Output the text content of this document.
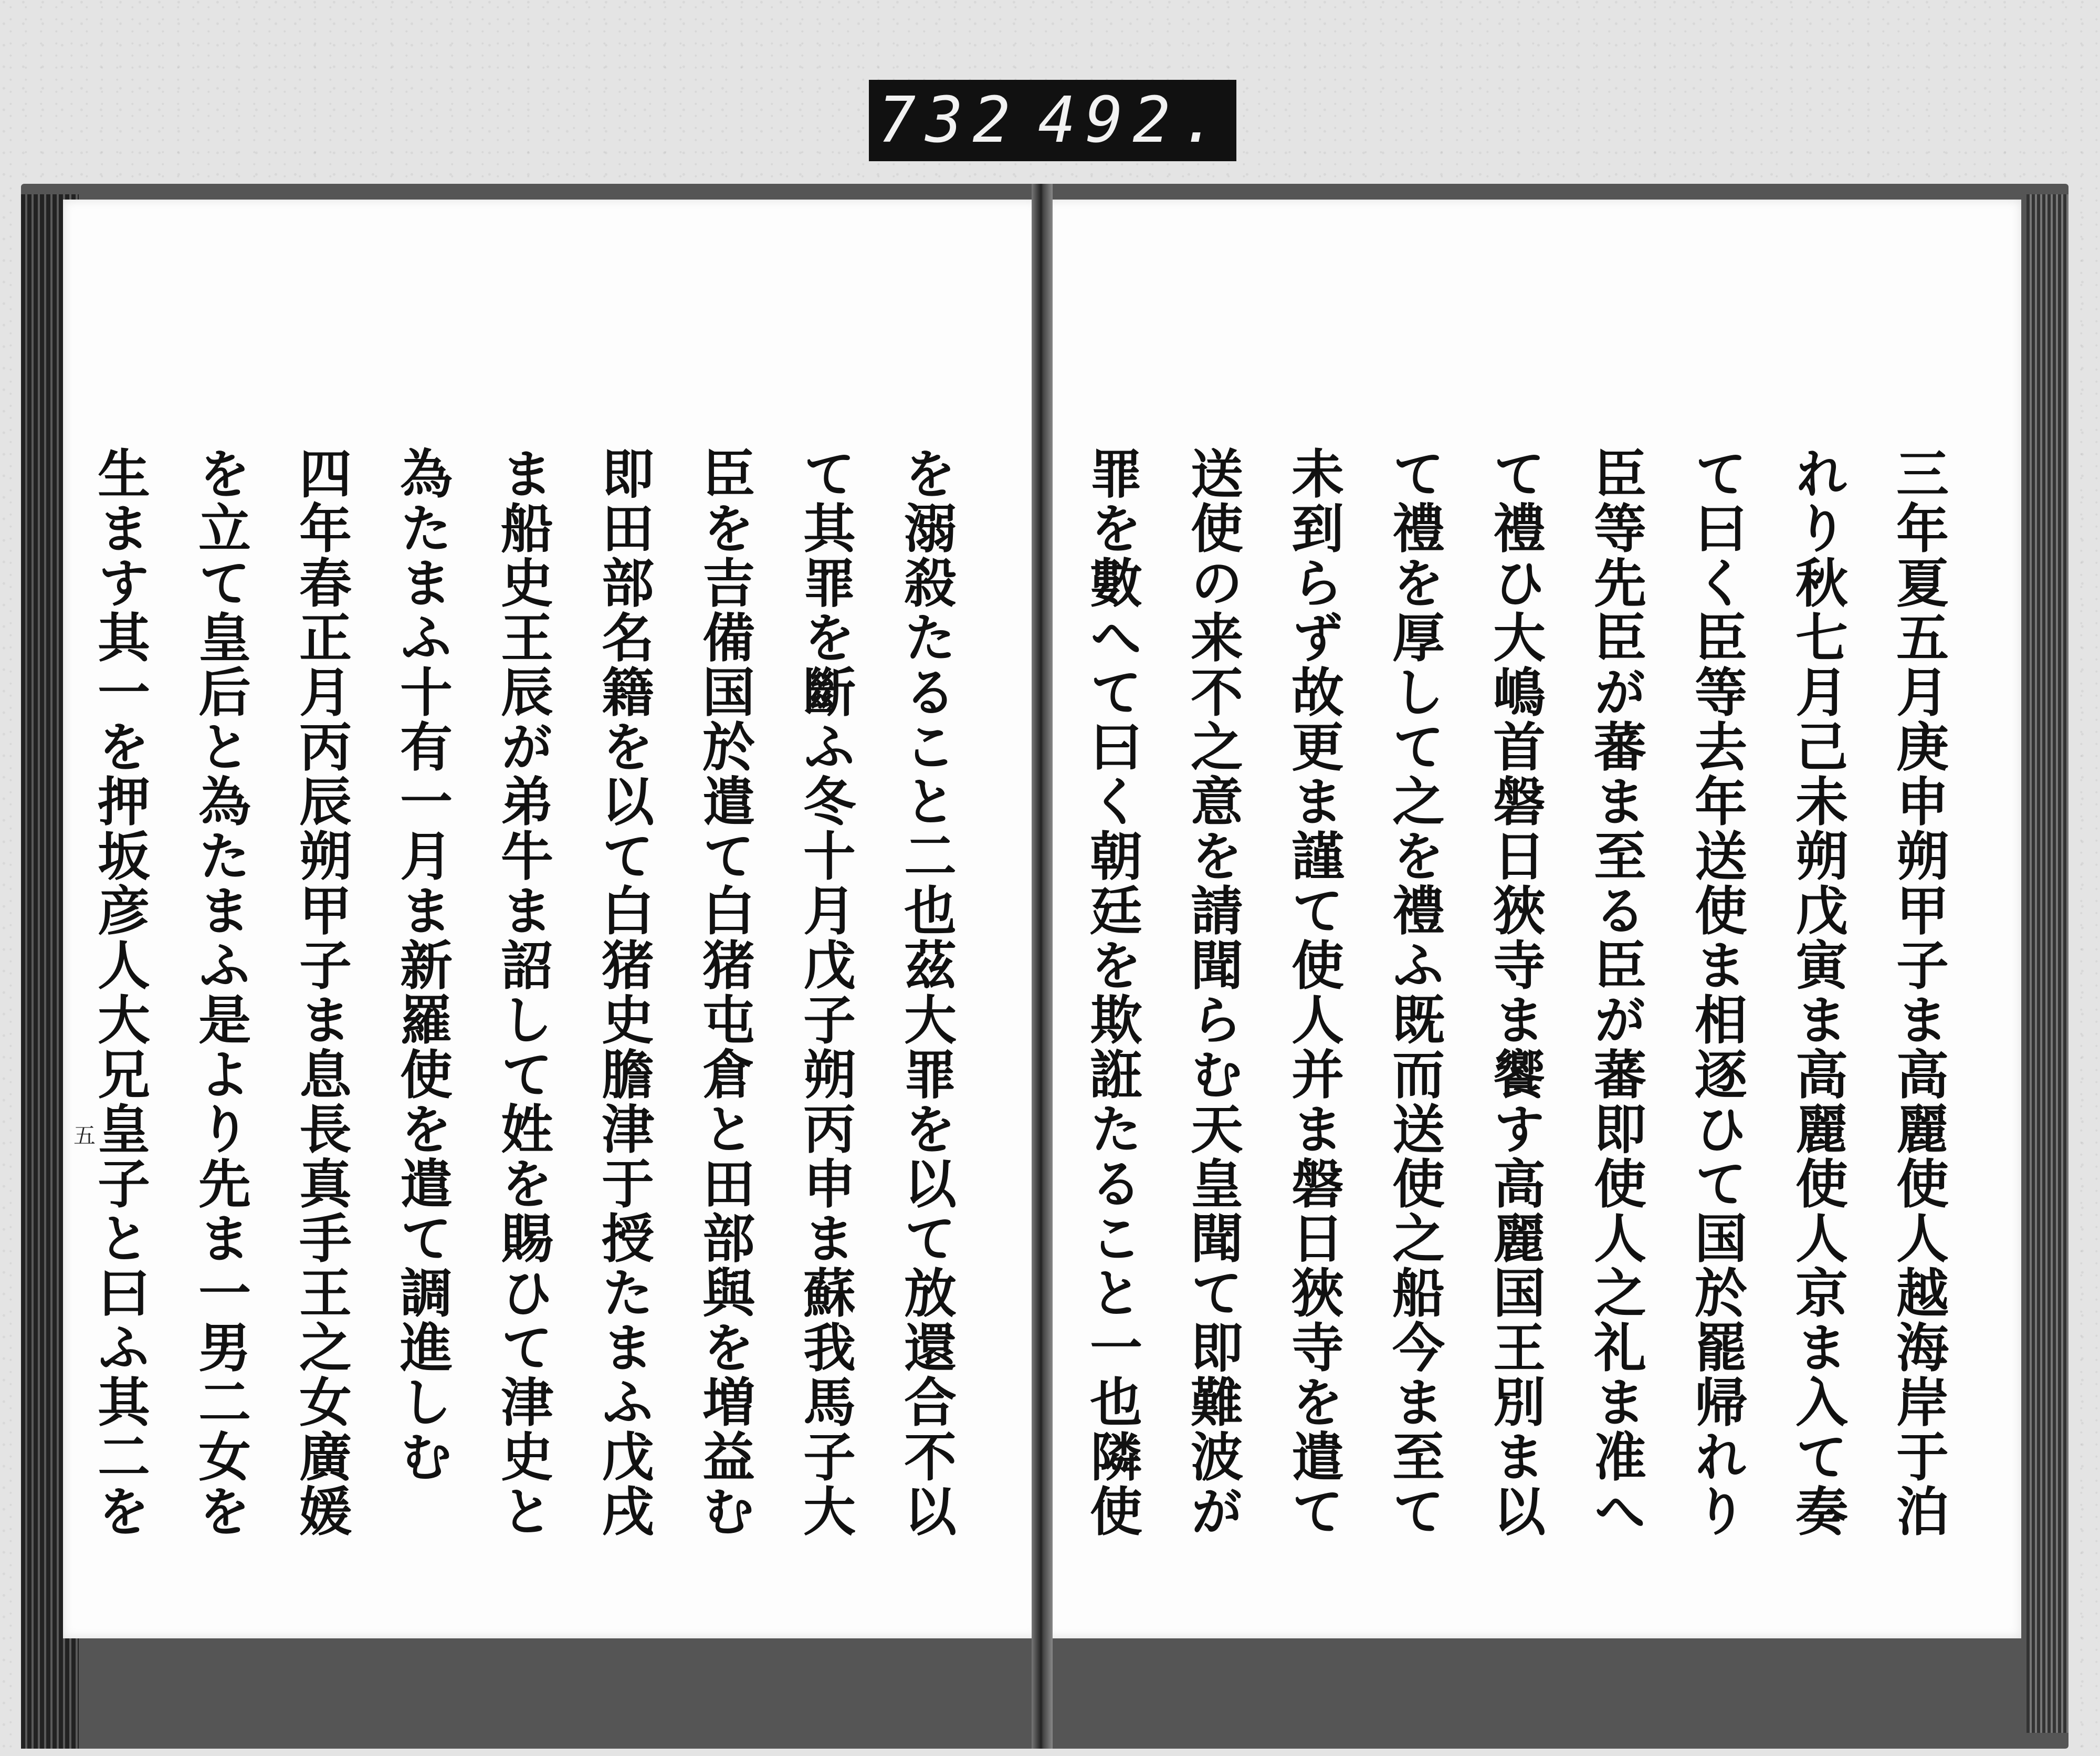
732 492.
五	を溺殺たること二也茲大罪を以て放還合不以
て其罪を斷ふ冬十月戊子朔丙申ま蘇我馬子大
臣を吉備国於遣て白猪屯倉と田部與を増益む
即田部名籍を以て白猪史膽津于授たまふ戊戌
ま船史王辰が弟牛ま詔して姓を賜ひて津史と
為たまふ十有一月ま新羅使を遣て調進しむ
四年春正月丙辰朔甲子ま息長真手王之女廣媛
を立て皇后と為たまふ是より先ま一男二女を
生ます其一を押坂彦人大兄皇子と曰ふ其二を	三年夏五月庚申朔甲子ま高麗使人越海岸于泊
れり秋七月己未朔戊寅ま高麗使人京ま入て奏
て曰く臣等去年送使ま相逐ひて国於罷帰れり
臣等先臣が蕃ま至る臣が蕃即使人之礼ま准へ
て禮ひ大嶋首磐日狹寺ま饗す高麗国王別ま以
て禮を厚して之を禮ふ既而送使之船今ま至て
未到らず故更ま謹て使人并ま磐日狹寺を遣て
送使の来不之意を請聞らむ天皇聞て即難波が
罪を數へて曰く朝廷を欺誑たること一也隣使
